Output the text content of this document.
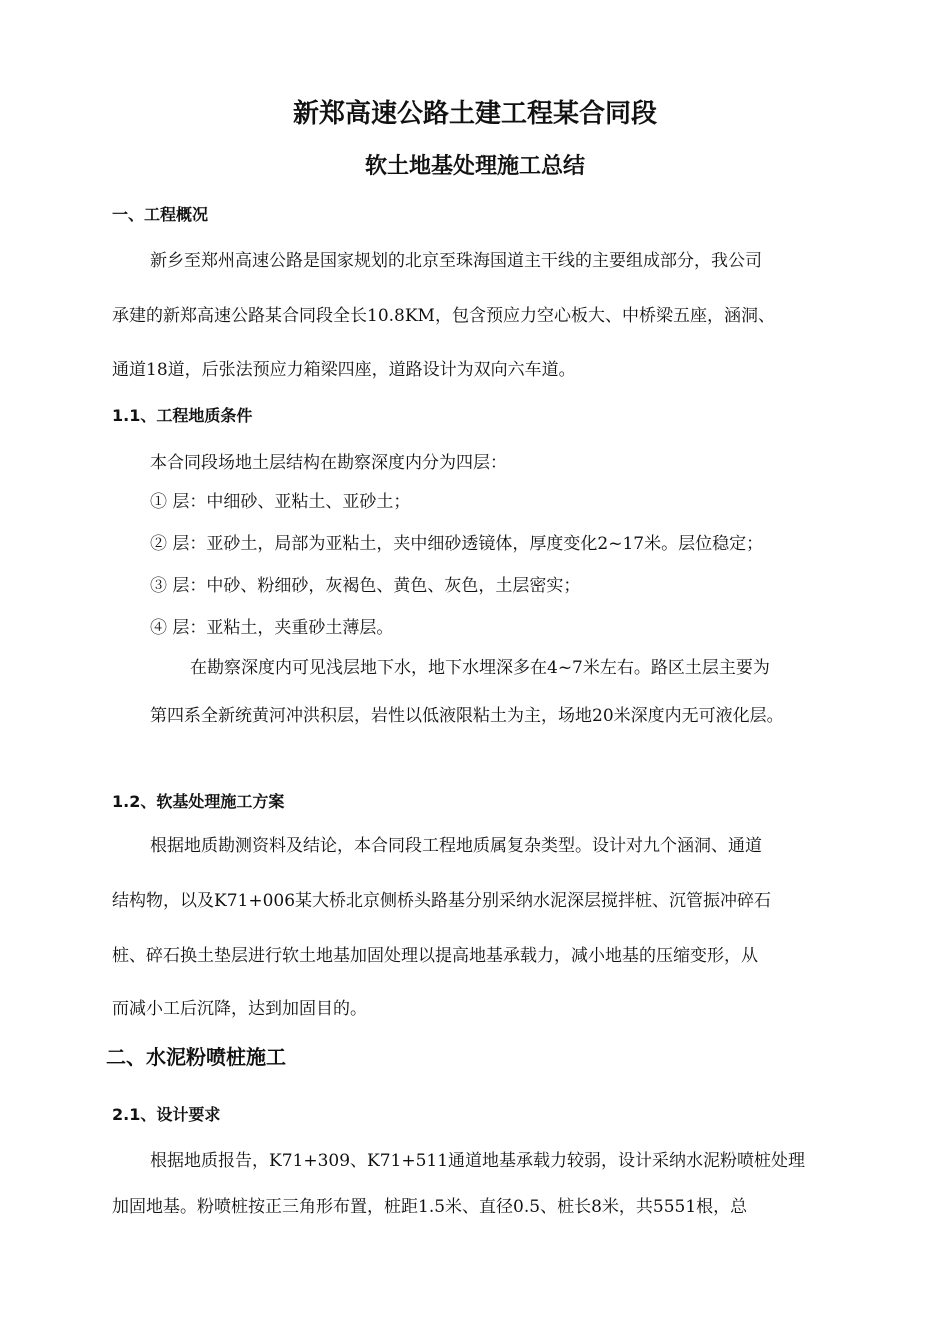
新郑高速公路土建工程某合同段
软土地基处理施工总结
一、工程概况
新乡至郑州高速公路是国家规划的北京至珠海国道主干线的主要组成部分，我公司
承建的新郑高速公路某合同段全长10.8KM，包含预应力空心板大、中桥梁五座，涵洞、
通道18道，后张法预应力箱梁四座，道路设计为双向六车道。
1.1、工程地质条件
本合同段场地土层结构在勘察深度内分为四层：
① 层：中细砂、亚粘土、亚砂土；
② 层：亚砂土，局部为亚粘土，夹中细砂透镜体，厚度变化2~17米。层位稳定；
③ 层：中砂、粉细砂，灰褐色、黄色、灰色，土层密实；
④ 层：亚粘土，夹重砂土薄层。
在勘察深度内可见浅层地下水，地下水埋深多在4~7米左右。路区土层主要为
第四系全新统黄河冲洪积层，岩性以低液限粘土为主，场地20米深度内无可液化层。
1.2、软基处理施工方案
根据地质勘测资料及结论，本合同段工程地质属复杂类型。设计对九个涵洞、通道
结构物，以及K71+006某大桥北京侧桥头路基分别采纳水泥深层搅拌桩、沉管振冲碎石
桩、碎石换土垫层进行软土地基加固处理以提高地基承载力，减小地基的压缩变形，从
而减小工后沉降，达到加固目的。
二、水泥粉喷桩施工
2.1、设计要求
根据地质报告，K71+309、K71+511通道地基承载力较弱，设计采纳水泥粉喷桩处理
加固地基。粉喷桩按正三角形布置，桩距1.5米、直径0.5、桩长8米，共5551根，总
